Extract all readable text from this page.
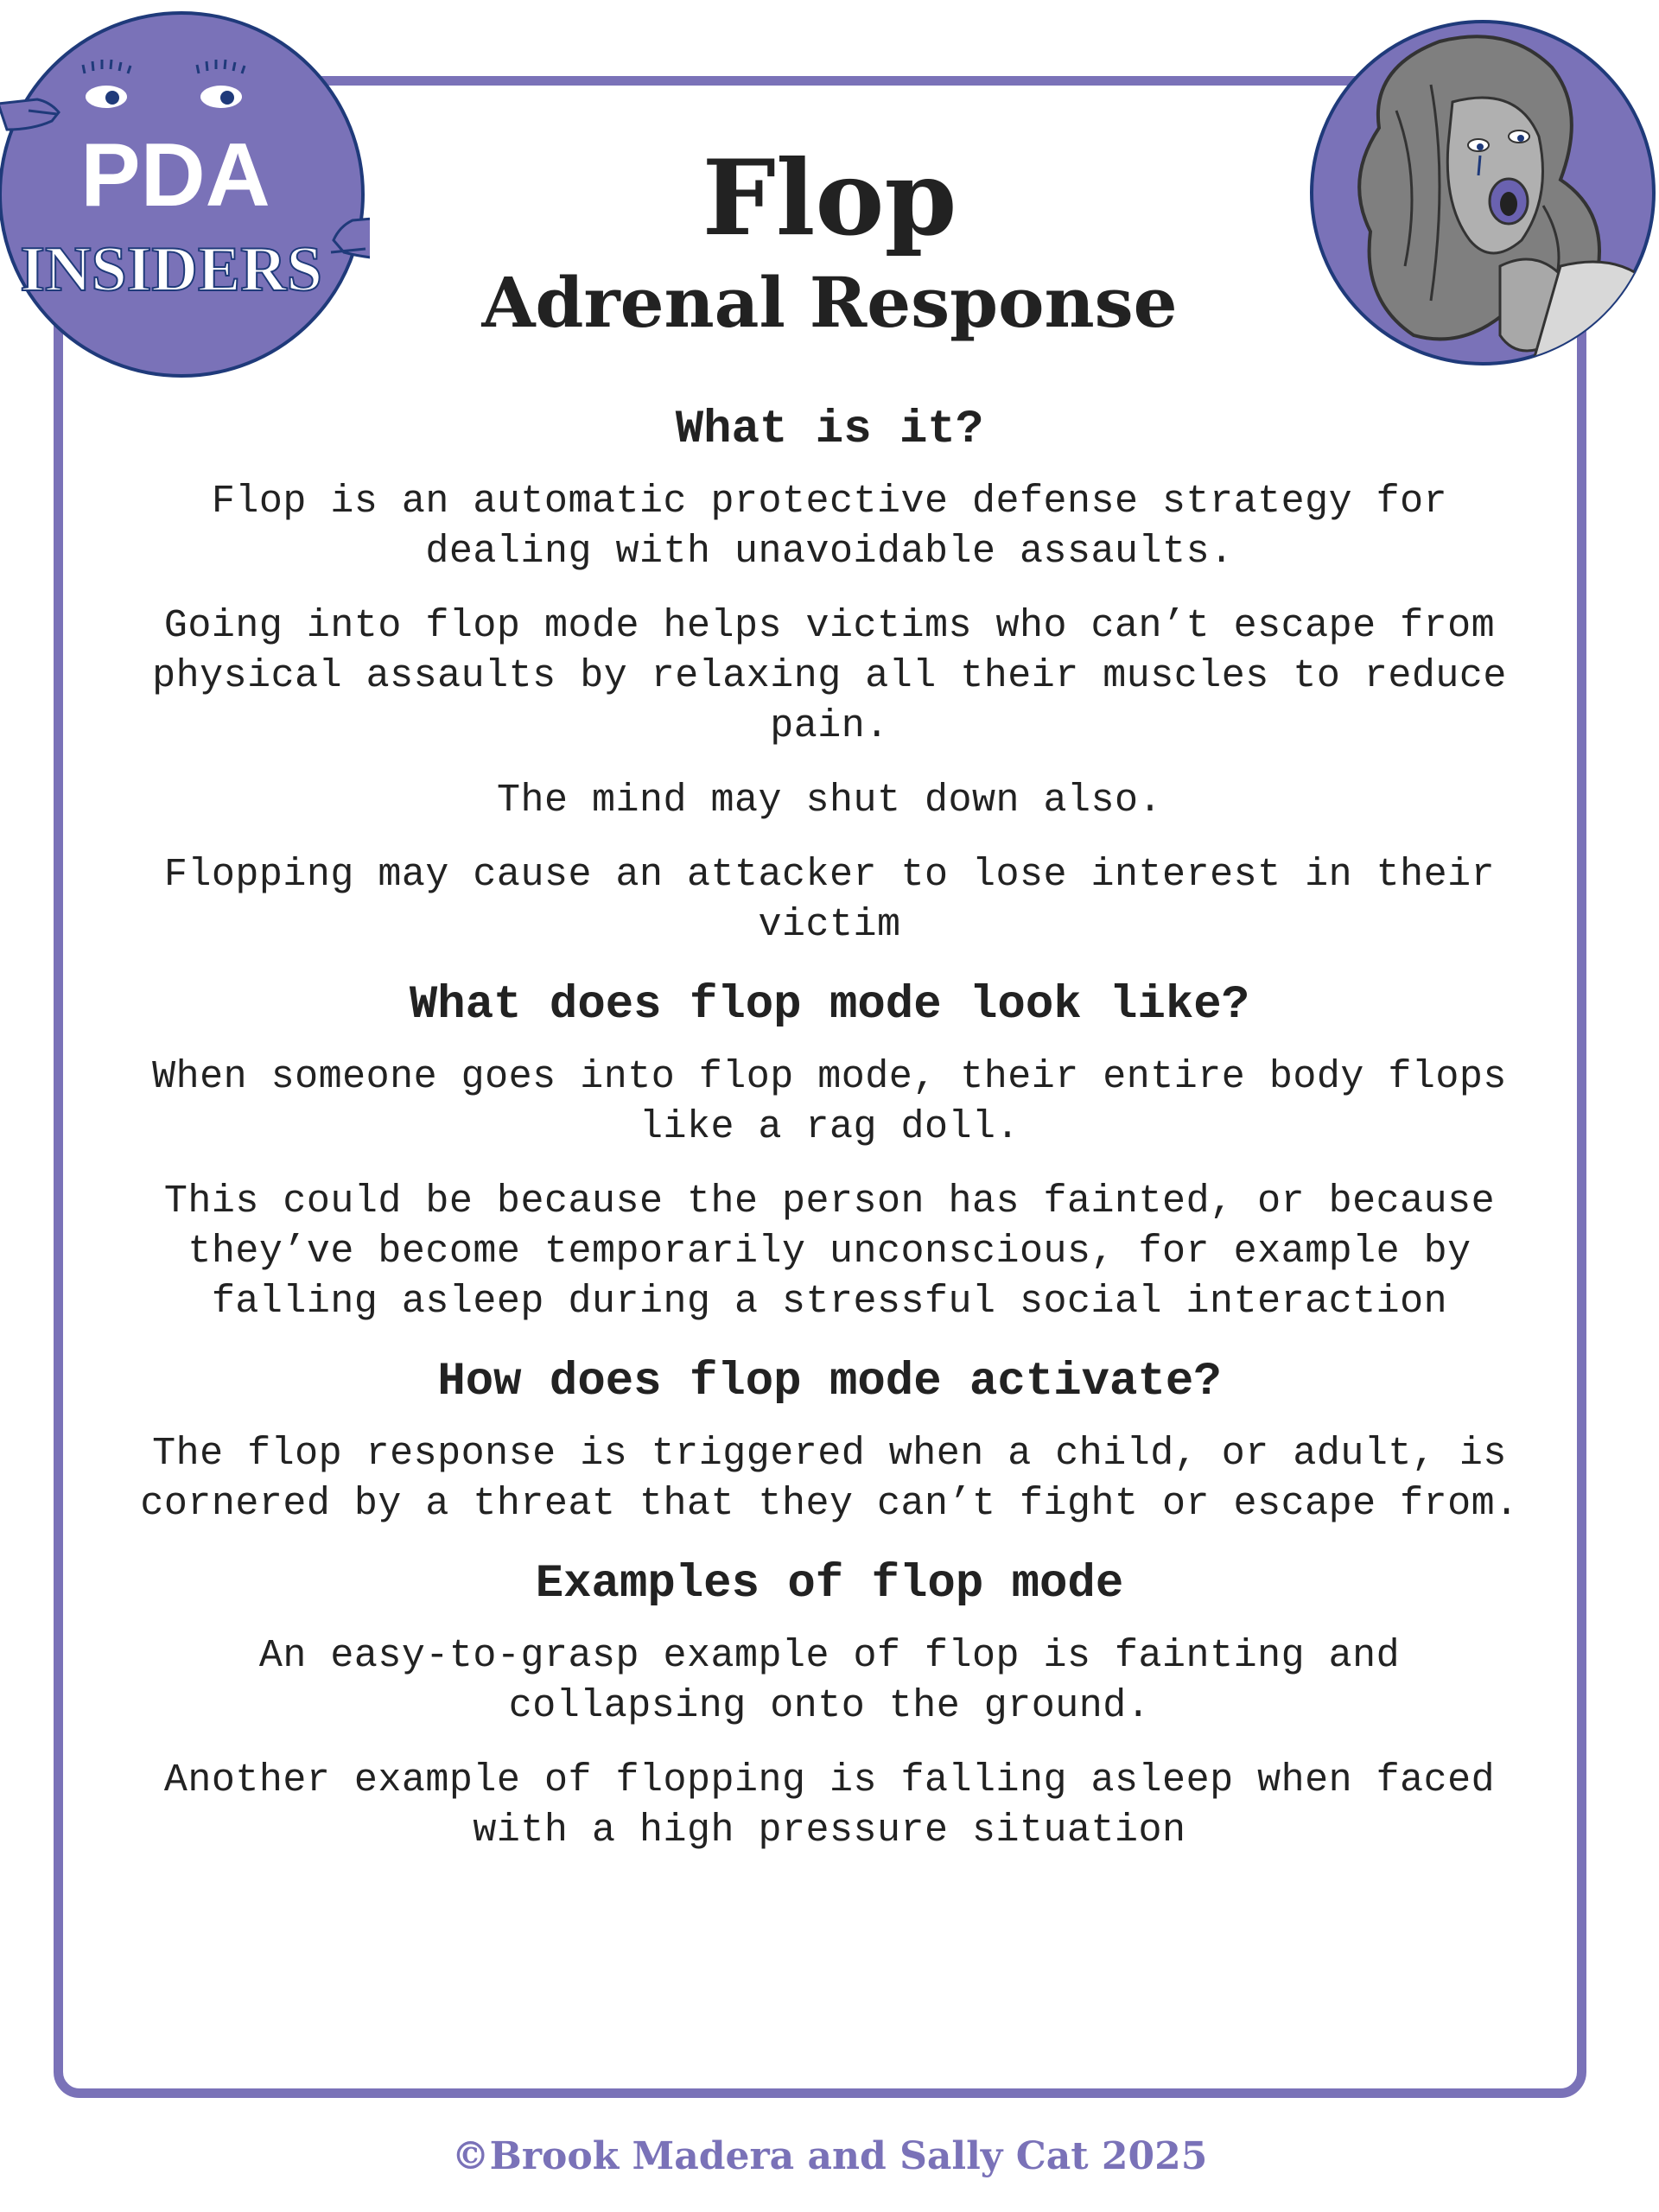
PDA
INSIDERS
Flop
Adrenal Response
What is it?

Flop is an automatic protective defense strategy for dealing with unavoidable assaults.

Going into flop mode helps victims who can’t escape from physical assaults by relaxing all their muscles to reduce pain.

The mind may shut down also.

Flopping may cause an attacker to lose interest in their victim

What does flop mode look like?

When someone goes into flop mode, their entire body flops like a rag doll.

This could be because the person has fainted, or because they’ve become temporarily unconscious, for example by falling asleep during a stressful social interaction

How does flop mode activate?

The flop response is triggered when a child, or adult, is cornered by a threat that they can’t fight or escape from.

Examples of flop mode

An easy-to-grasp example of flop is fainting and collapsing onto the ground.

Another example of flopping is falling asleep when faced with a high pressure situation

©Brook Madera and Sally Cat 2025
